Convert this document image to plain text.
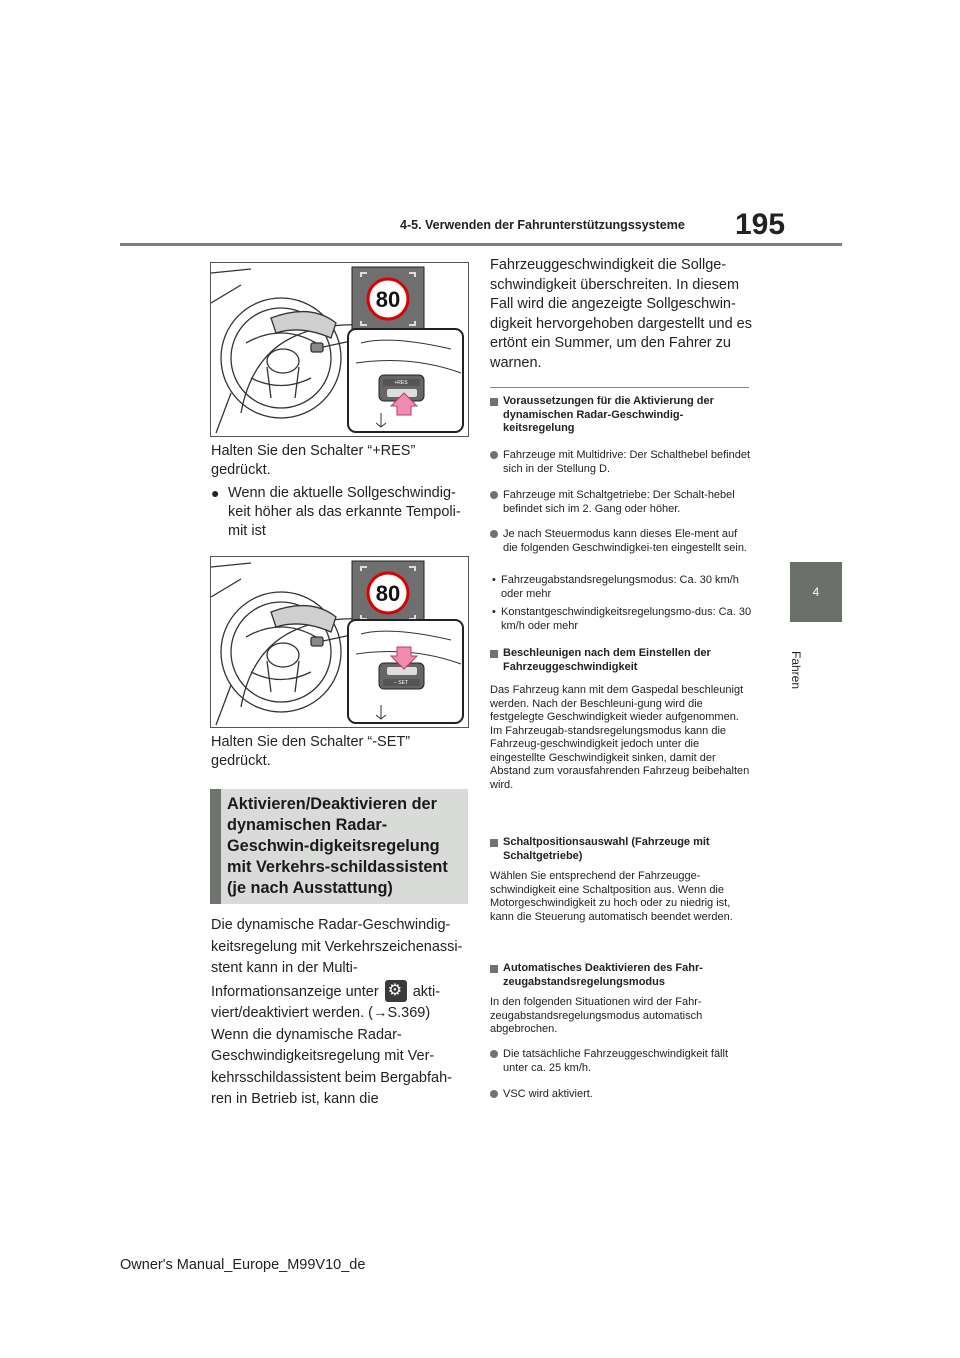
4-5. Verwenden der Fahrunterstützungssysteme 195
4
Fahren
80
+RES
Halten Sie den Schalter “+RES” gedrückt.
● Wenn die aktuelle Sollgeschwindig-keit höher als das erkannte Tempoli-mit ist
80
− SET
Halten Sie den Schalter “-SET” gedrückt.
Aktivieren/Deaktivieren der dynamischen Radar-Geschwin-digkeitsregelung mit Verkehrs-schildassistent (je nach Ausstattung)

Die dynamische Radar-Geschwindig-keitsregelung mit Verkehrszeichenassi-stent kann in der Multi-Informationsanzeige unter ⚙ akti-viert/deaktiviert werden. (→S.369)

Wenn die dynamische Radar-Geschwindigkeitsregelung mit Ver-kehrsschildassistent beim Bergabfah-ren in Betrieb ist, kann die

Fahrzeuggeschwindigkeit die Sollge-schwindigkeit überschreiten. In diesem Fall wird die angezeigte Sollgeschwin-digkeit hervorgehoben dargestellt und es ertönt ein Summer, um den Fahrer zu warnen.
Voraussetzungen für die Aktivierung der dynamischen Radar-Geschwindig-keitsregelung
Fahrzeuge mit Multidrive: Der Schalthebel befindet sich in der Stellung D.
Fahrzeuge mit Schaltgetriebe: Der Schalt-hebel befindet sich im 2. Gang oder höher.
Je nach Steuermodus kann dieses Ele-ment auf die folgenden Geschwindigkei-ten eingestellt sein.
• Fahrzeugabstandsregelungsmodus: Ca. 30 km/h oder mehr
• Konstantgeschwindigkeitsregelungsmo-dus: Ca. 30 km/h oder mehr
Beschleunigen nach dem Einstellen der Fahrzeuggeschwindigkeit
Das Fahrzeug kann mit dem Gaspedal beschleunigt werden. Nach der Beschleuni-gung wird die festgelegte Geschwindigkeit wieder aufgenommen. Im Fahrzeugab-standsregelungsmodus kann die Fahrzeug-geschwindigkeit jedoch unter die eingestellte Geschwindigkeit sinken, damit der Abstand zum vorausfahrenden Fahrzeug beibehalten wird.
Schaltpositionsauswahl (Fahrzeuge mit Schaltgetriebe)
Wählen Sie entsprechend der Fahrzeugge-schwindigkeit eine Schaltposition aus. Wenn die Motorgeschwindigkeit zu hoch oder zu niedrig ist, kann die Steuerung automatisch beendet werden.
Automatisches Deaktivieren des Fahr-zeugabstandsregelungsmodus
In den folgenden Situationen wird der Fahr-zeugabstandsregelungsmodus automatisch abgebrochen.
Die tatsächliche Fahrzeuggeschwindigkeit fällt unter ca. 25 km/h.
VSC wird aktiviert.
Owner's Manual_Europe_M99V10_de
